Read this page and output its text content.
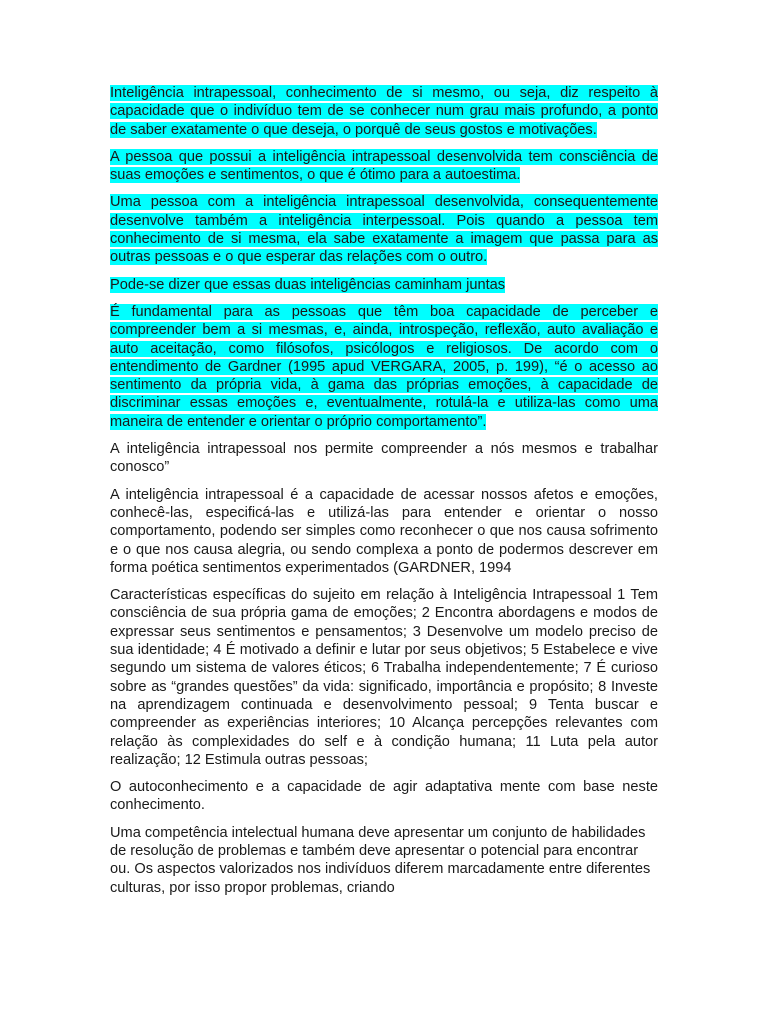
Inteligência intrapessoal, conhecimento de si mesmo, ou seja, diz respeito à capacidade que o indivíduo tem de se conhecer num grau mais profundo, a ponto de saber exatamente o que deseja, o porquê de seus gostos e motivações.

A pessoa que possui a inteligência intrapessoal desenvolvida tem consciência de suas emoções e sentimentos, o que é ótimo para a autoestima.

Uma pessoa com a inteligência intrapessoal desenvolvida, consequentemente desenvolve também a inteligência interpessoal. Pois quando a pessoa tem conhecimento de si mesma, ela sabe exatamente a imagem que passa para as outras pessoas e o que esperar das relações com o outro.

Pode-se dizer que essas duas inteligências caminham juntas

É fundamental para as pessoas que têm boa capacidade de perceber e compreender bem a si mesmas, e, ainda, introspeção, reflexão, auto avaliação e auto aceitação, como filósofos, psicólogos e religiosos. De acordo com o entendimento de Gardner (1995 apud VERGARA, 2005, p. 199), “é o acesso ao sentimento da própria vida, à gama das próprias emoções, à capacidade de discriminar essas emoções e, eventualmente, rotulá-la e utiliza-las como uma maneira de entender e orientar o próprio comportamento”.

A inteligência intrapessoal nos permite compreender a nós mesmos e trabalhar conosco”

A inteligência intrapessoal é a capacidade de acessar nossos afetos e emoções, conhecê-las, especificá-las e utilizá-las para entender e orientar o nosso comportamento, podendo ser simples como reconhecer o que nos causa sofrimento e o que nos causa alegria, ou sendo complexa a ponto de podermos descrever em forma poética sentimentos experimentados (GARDNER, 1994

Características específicas do sujeito em relação à Inteligência Intrapessoal 1 Tem consciência de sua própria gama de emoções; 2 Encontra abordagens e modos de expressar seus sentimentos e pensamentos; 3 Desenvolve um modelo preciso de sua identidade; 4 É motivado a definir e lutar por seus objetivos; 5 Estabelece e vive segundo um sistema de valores éticos; 6 Trabalha independentemente; 7 É curioso sobre as “grandes questões” da vida: significado, importância e propósito; 8 Investe na aprendizagem continuada e desenvolvimento pessoal; 9 Tenta buscar e compreender as experiências interiores; 10 Alcança percepções relevantes com relação às complexidades do self e à condição humana; 11 Luta pela autor realização; 12 Estimula outras pessoas;

O autoconhecimento e a capacidade de agir adaptativa mente com base neste conhecimento.

Uma competência intelectual humana deve apresentar um conjunto de habilidades de resolução de problemas e também deve apresentar o potencial para encontrar ou. Os aspectos valorizados nos indivíduos diferem marcadamente entre diferentes culturas, por isso propor problemas, criando
